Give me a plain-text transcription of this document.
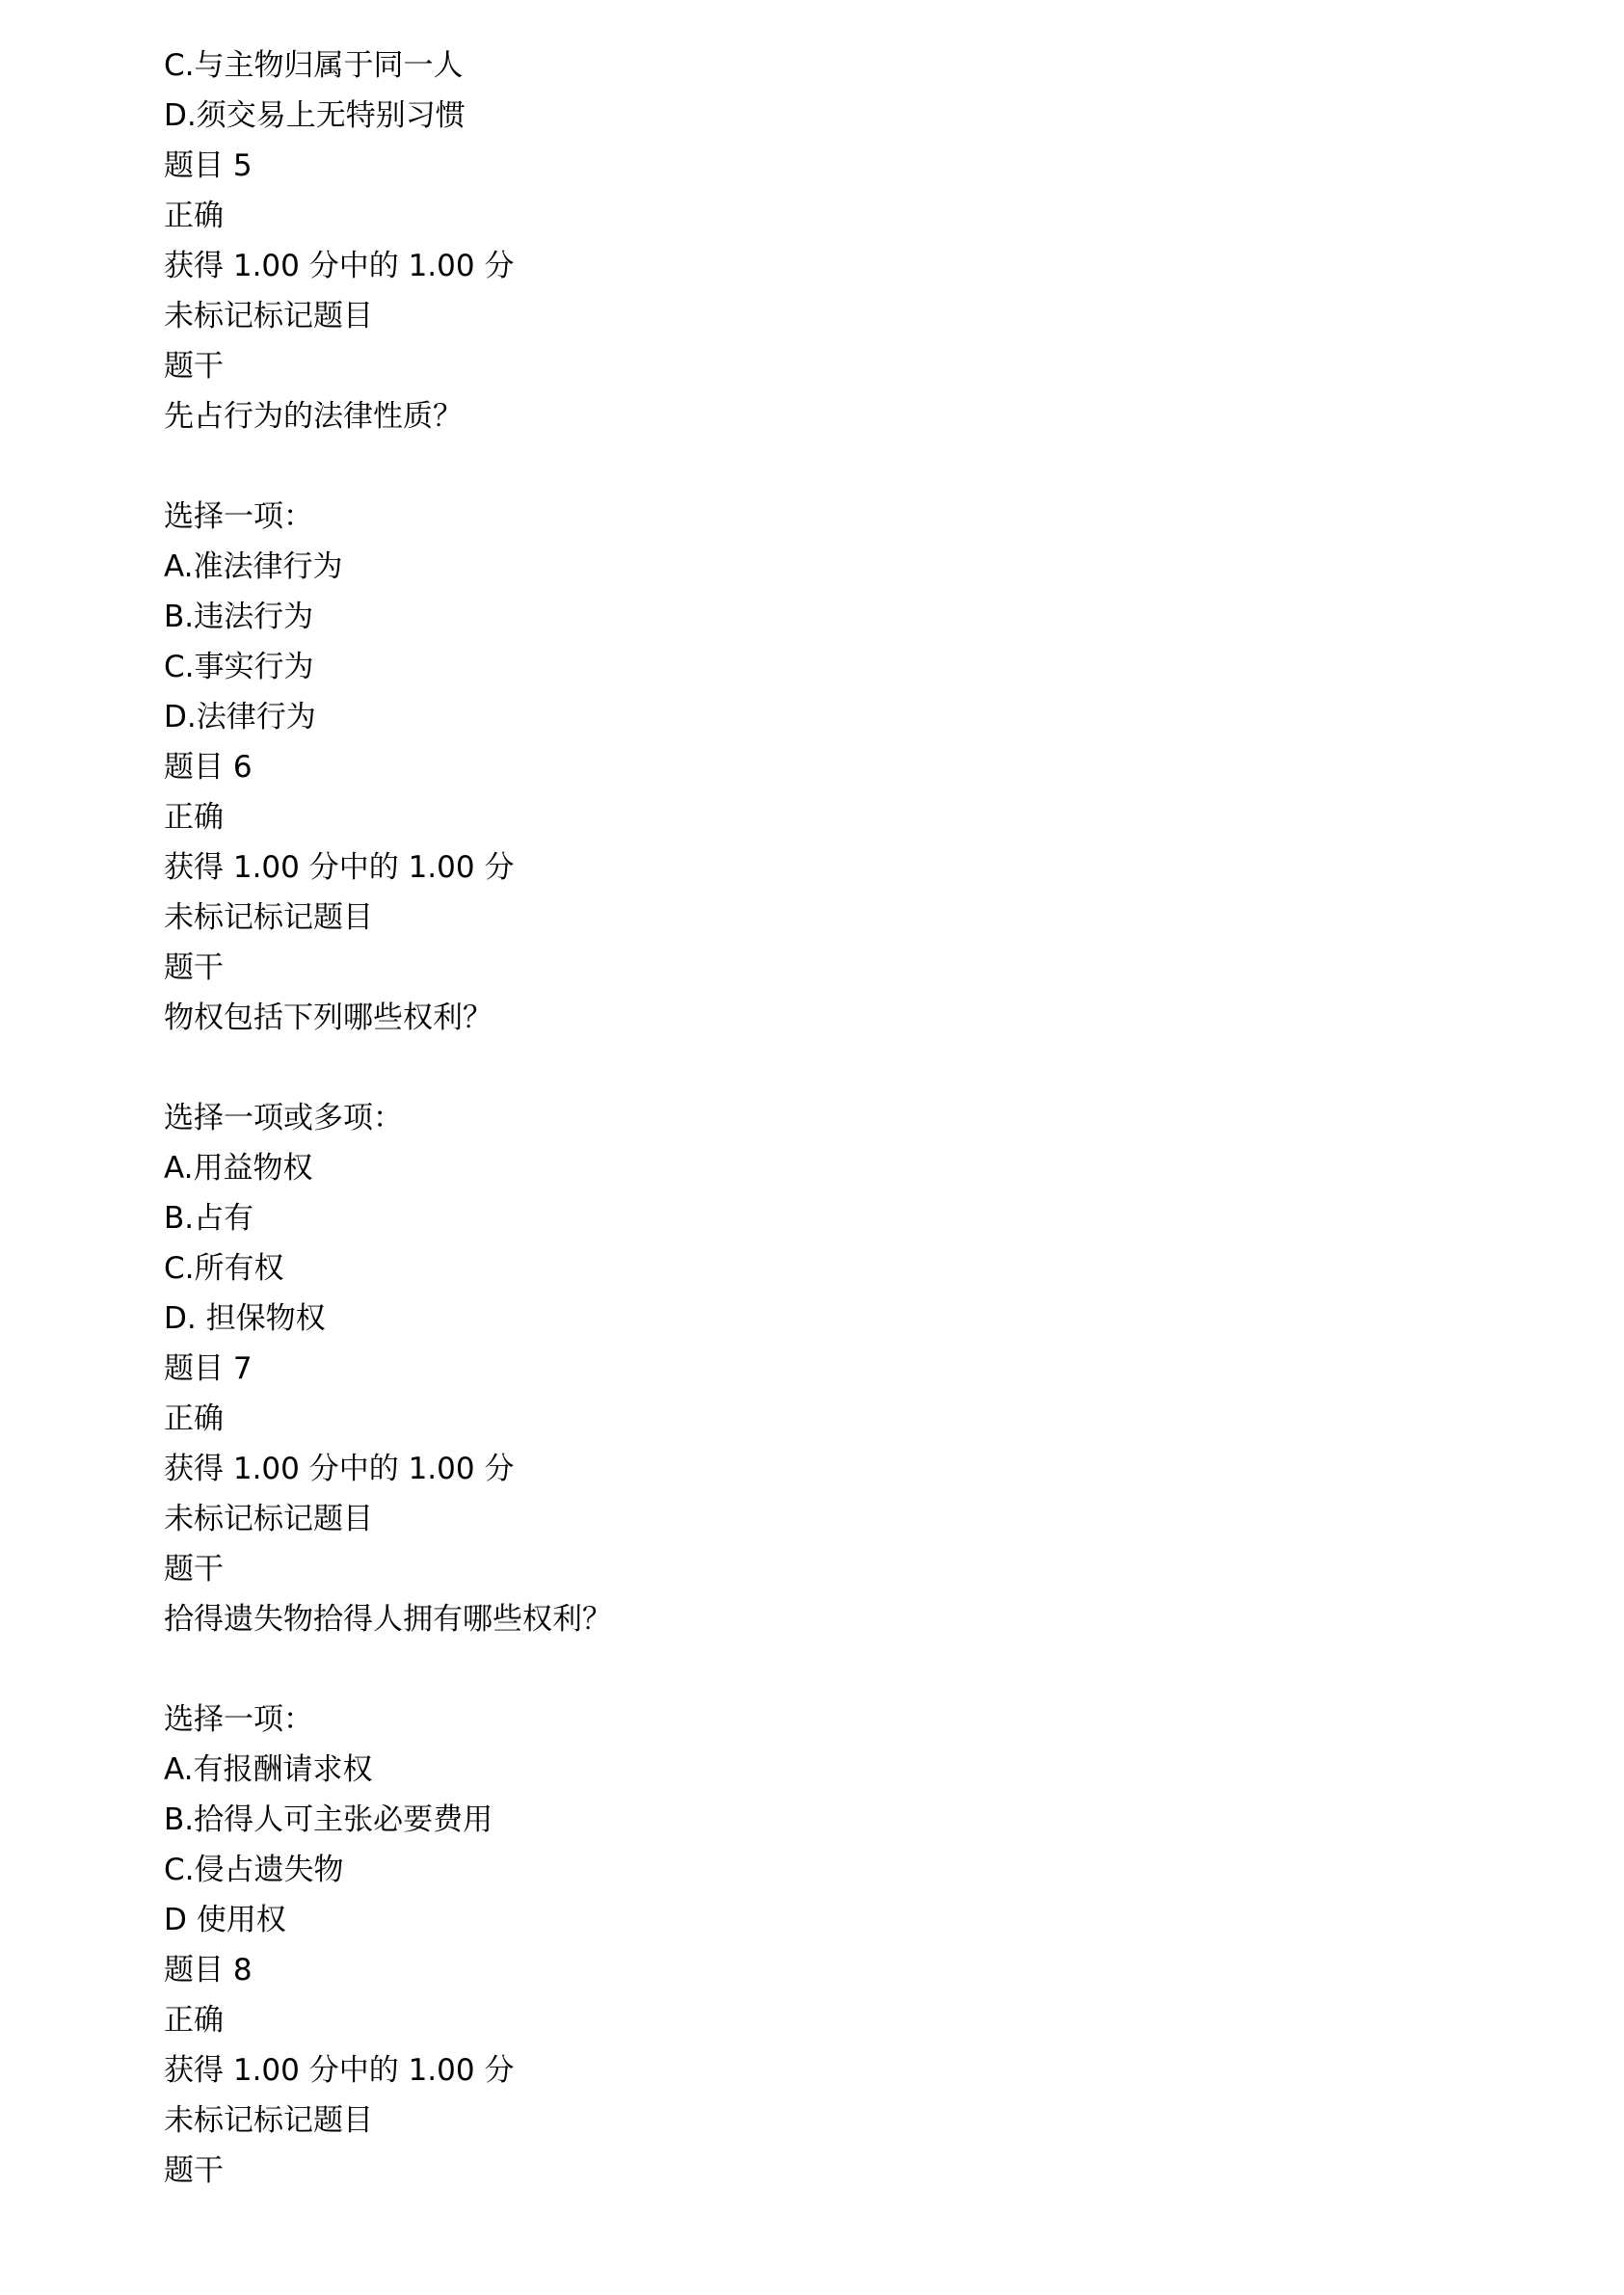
C.与主物归属于同一人
D.须交易上无特别习惯
题目 5
正确
获得 1.00 分中的 1.00 分
未标记标记题目
题干
先占行为的法律性质？
选择一项：
A.准法律行为
B.违法行为
C.事实行为
D.法律行为
题目 6
正确
获得 1.00 分中的 1.00 分
未标记标记题目
题干
物权包括下列哪些权利？
选择一项或多项：
A.用益物权
B.占有
C.所有权
D. 担保物权
题目 7
正确
获得 1.00 分中的 1.00 分
未标记标记题目
题干
拾得遗失物拾得人拥有哪些权利？
选择一项：
A.有报酬请求权
B.拾得人可主张必要费用
C.侵占遗失物
D 使用权
题目 8
正确
获得 1.00 分中的 1.00 分
未标记标记题目
题干
